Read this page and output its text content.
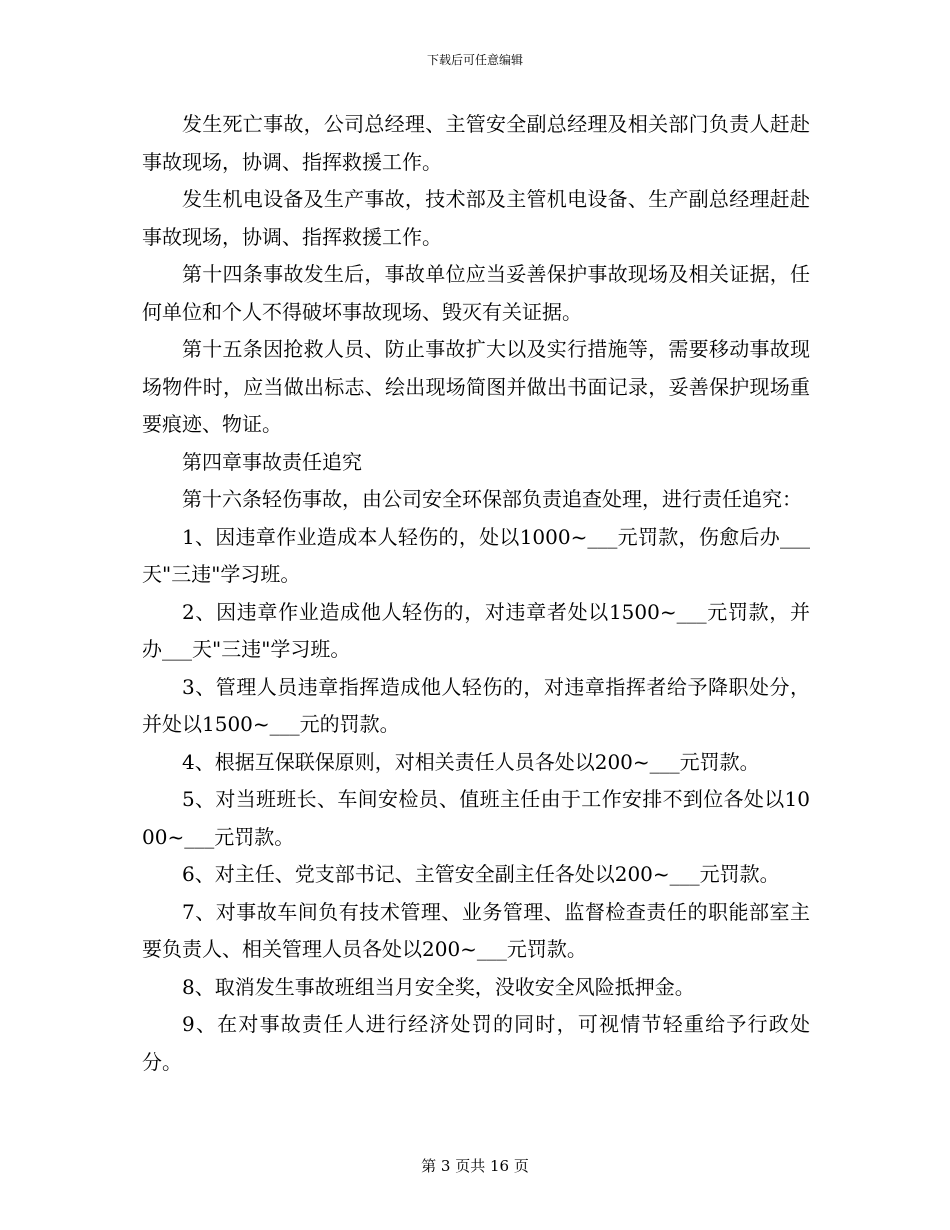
下载后可任意编辑

发生死亡事故，公司总经理、主管安全副总经理及相关部门负责人赶赴事故现场，协调、指挥救援工作。

发生机电设备及生产事故，技术部及主管机电设备、生产副总经理赶赴事故现场，协调、指挥救援工作。

第十四条事故发生后，事故单位应当妥善保护事故现场及相关证据，任何单位和个人不得破坏事故现场、毁灭有关证据。

第十五条因抢救人员、防止事故扩大以及实行措施等，需要移动事故现场物件时，应当做出标志、绘出现场简图并做出书面记录，妥善保护现场重要痕迹、物证。

第四章事故责任追究

第十六条轻伤事故，由公司安全环保部负责追查处理，进行责任追究：

1、因违章作业造成本人轻伤的，处以1000~___元罚款，伤愈后办___天"三违"学习班。

2、因违章作业造成他人轻伤的，对违章者处以1500~___元罚款，并办___天"三违"学习班。

3、管理人员违章指挥造成他人轻伤的，对违章指挥者给予降职处分，并处以1500~___元的罚款。

4、根据互保联保原则，对相关责任人员各处以200~___元罚款。

5、对当班班长、车间安检员、值班主任由于工作安排不到位各处以1000~___元罚款。

6、对主任、党支部书记、主管安全副主任各处以200~___元罚款。

7、对事故车间负有技术管理、业务管理、监督检查责任的职能部室主要负责人、相关管理人员各处以200~___元罚款。

8、取消发生事故班组当月安全奖，没收安全风险抵押金。

9、在对事故责任人进行经济处罚的同时，可视情节轻重给予行政处分。

第 3 页共 16 页
